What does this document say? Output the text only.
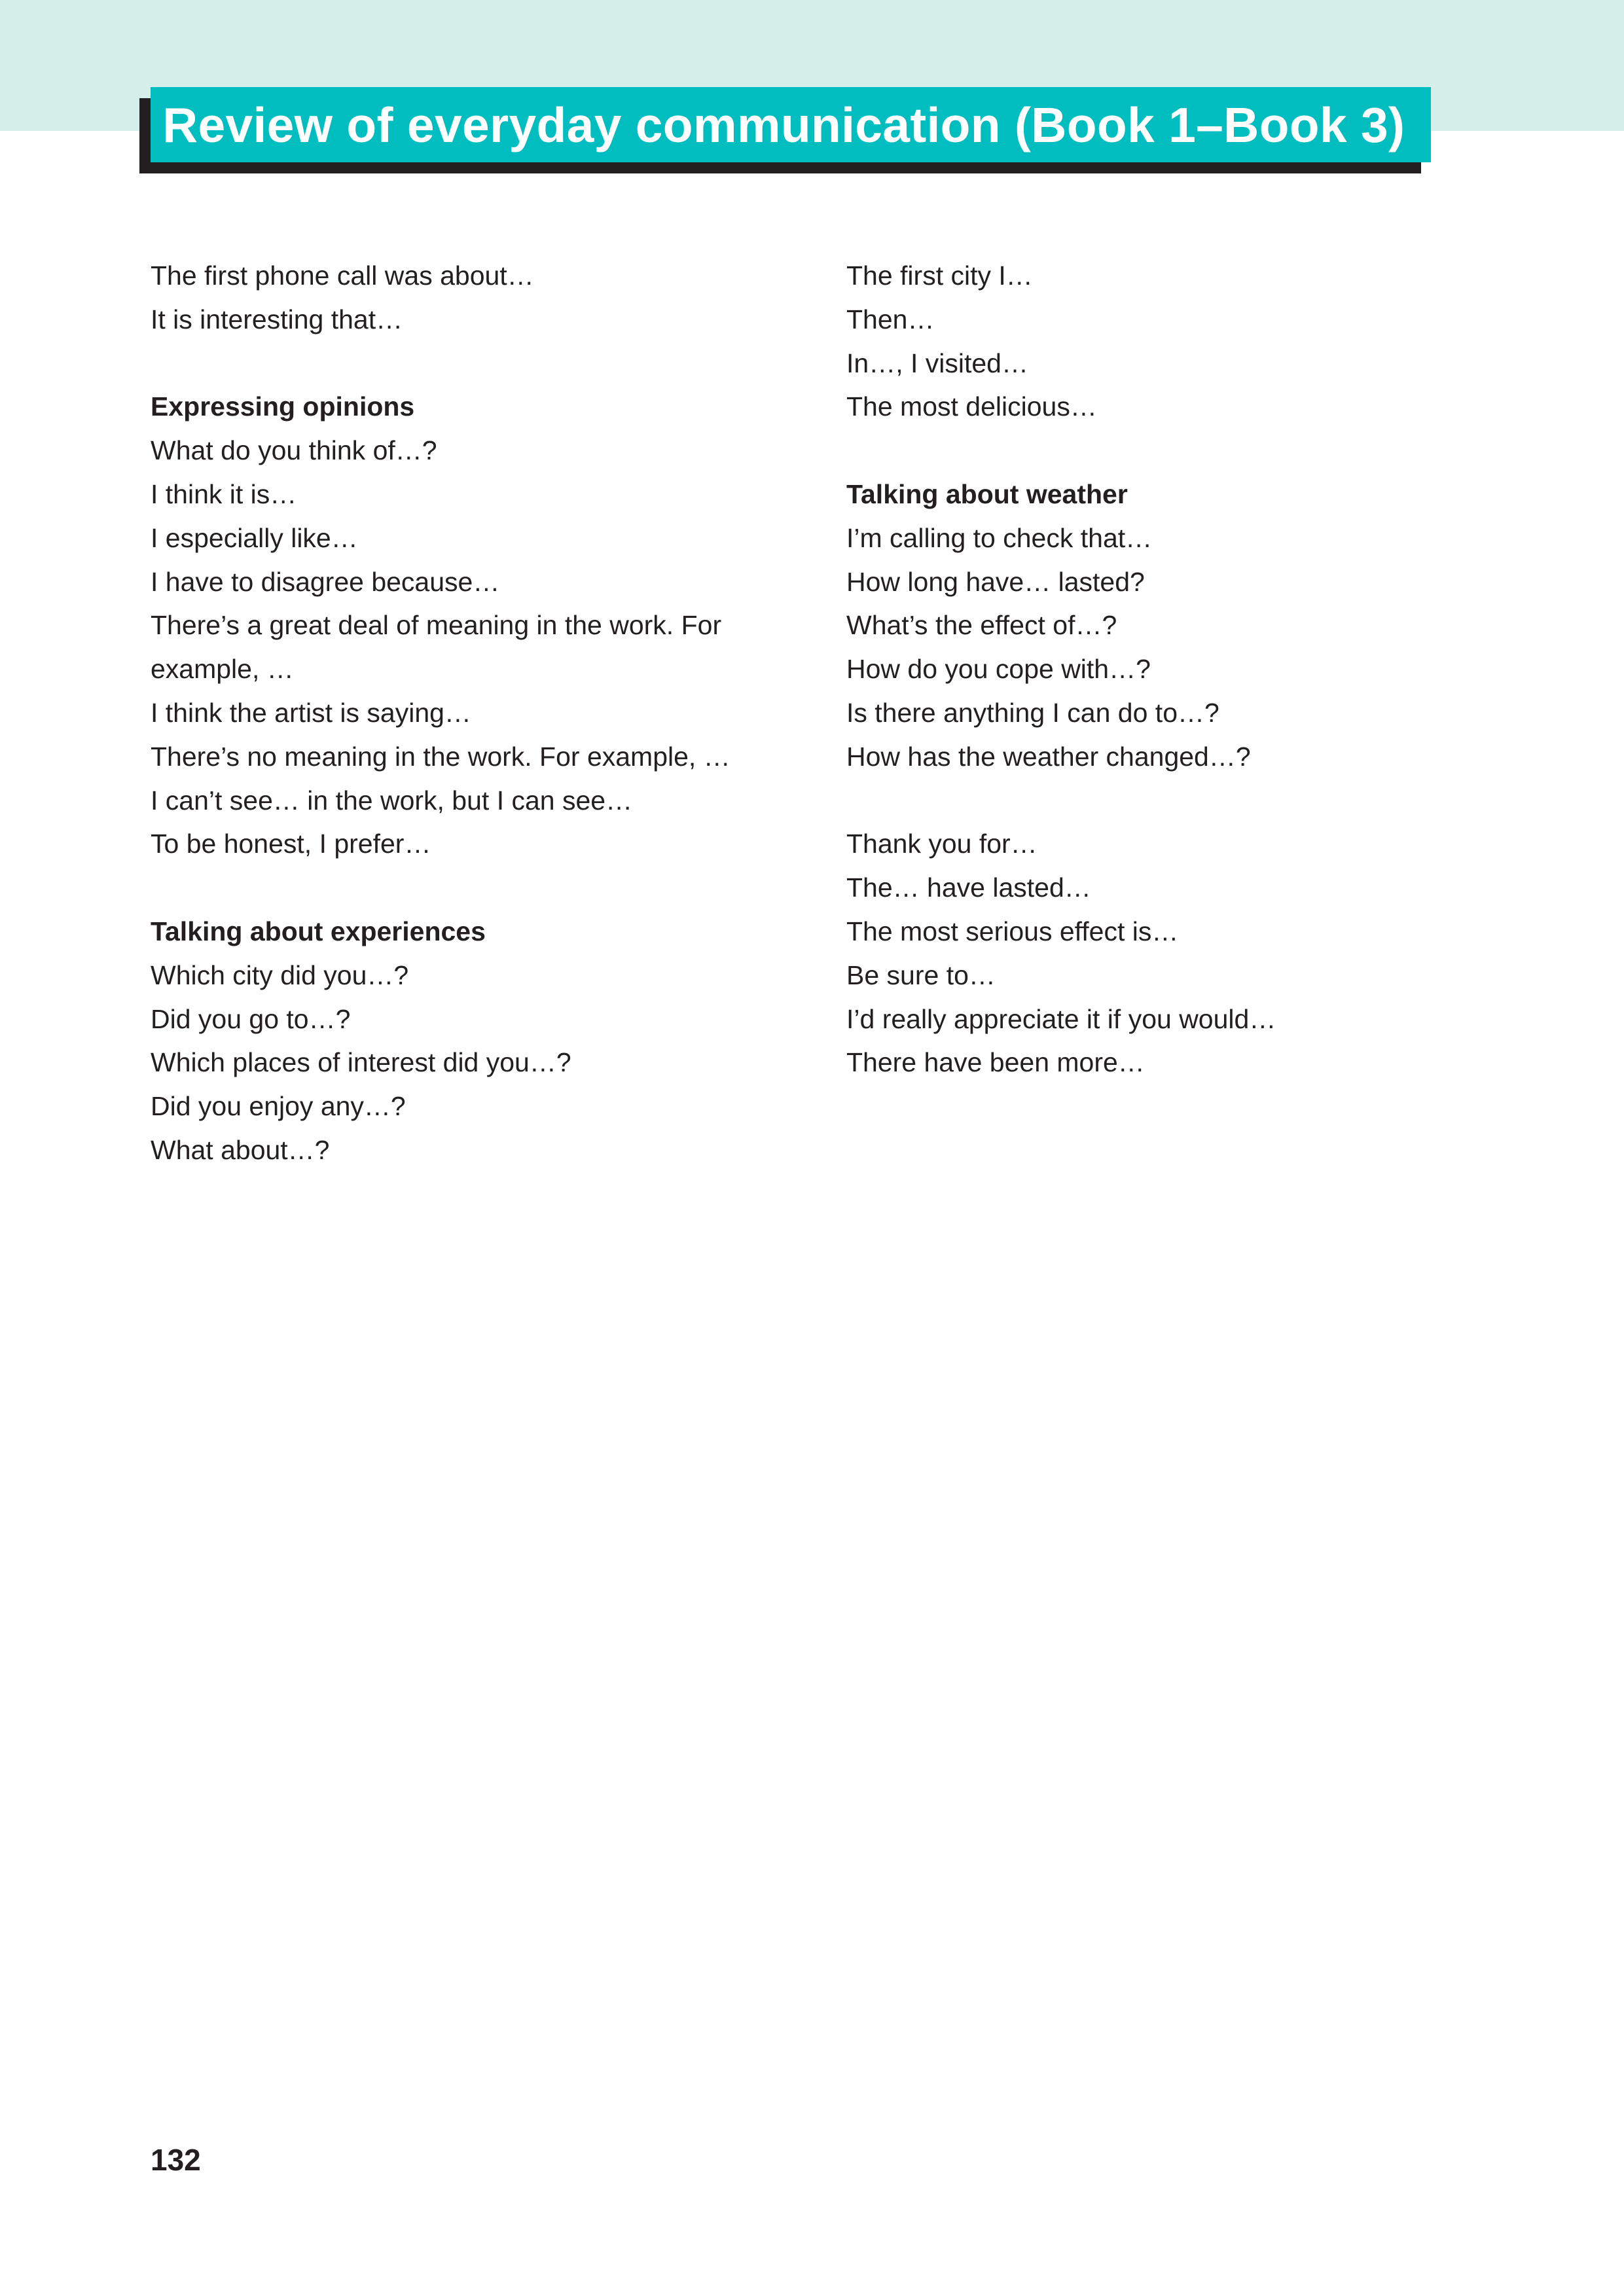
Review of everyday communication (Book 1–Book 3)
The first phone call was about…
It is interesting that…
Expressing opinions
What do you think of…?
I think it is…
I especially like…
I have to disagree because…
There’s a great deal of meaning in the work. For
example, …
I think the artist is saying…
There’s no meaning in the work. For example, …
I can’t see… in the work, but I can see…
To be honest, I prefer…
Talking about experiences
Which city did you…?
Did you go to…?
Which places of interest did you…?
Did you enjoy any…?
What about…?
The first city I…
Then…
In…, I visited…
The most delicious…
Talking about weather
I’m calling to check that…
How long have… lasted?
What’s the effect of…?
How do you cope with…?
Is there anything I can do to…?
How has the weather changed…?
Thank you for…
The… have lasted…
The most serious effect is…
Be sure to…
I’d really appreciate it if you would…
There have been more…
132
